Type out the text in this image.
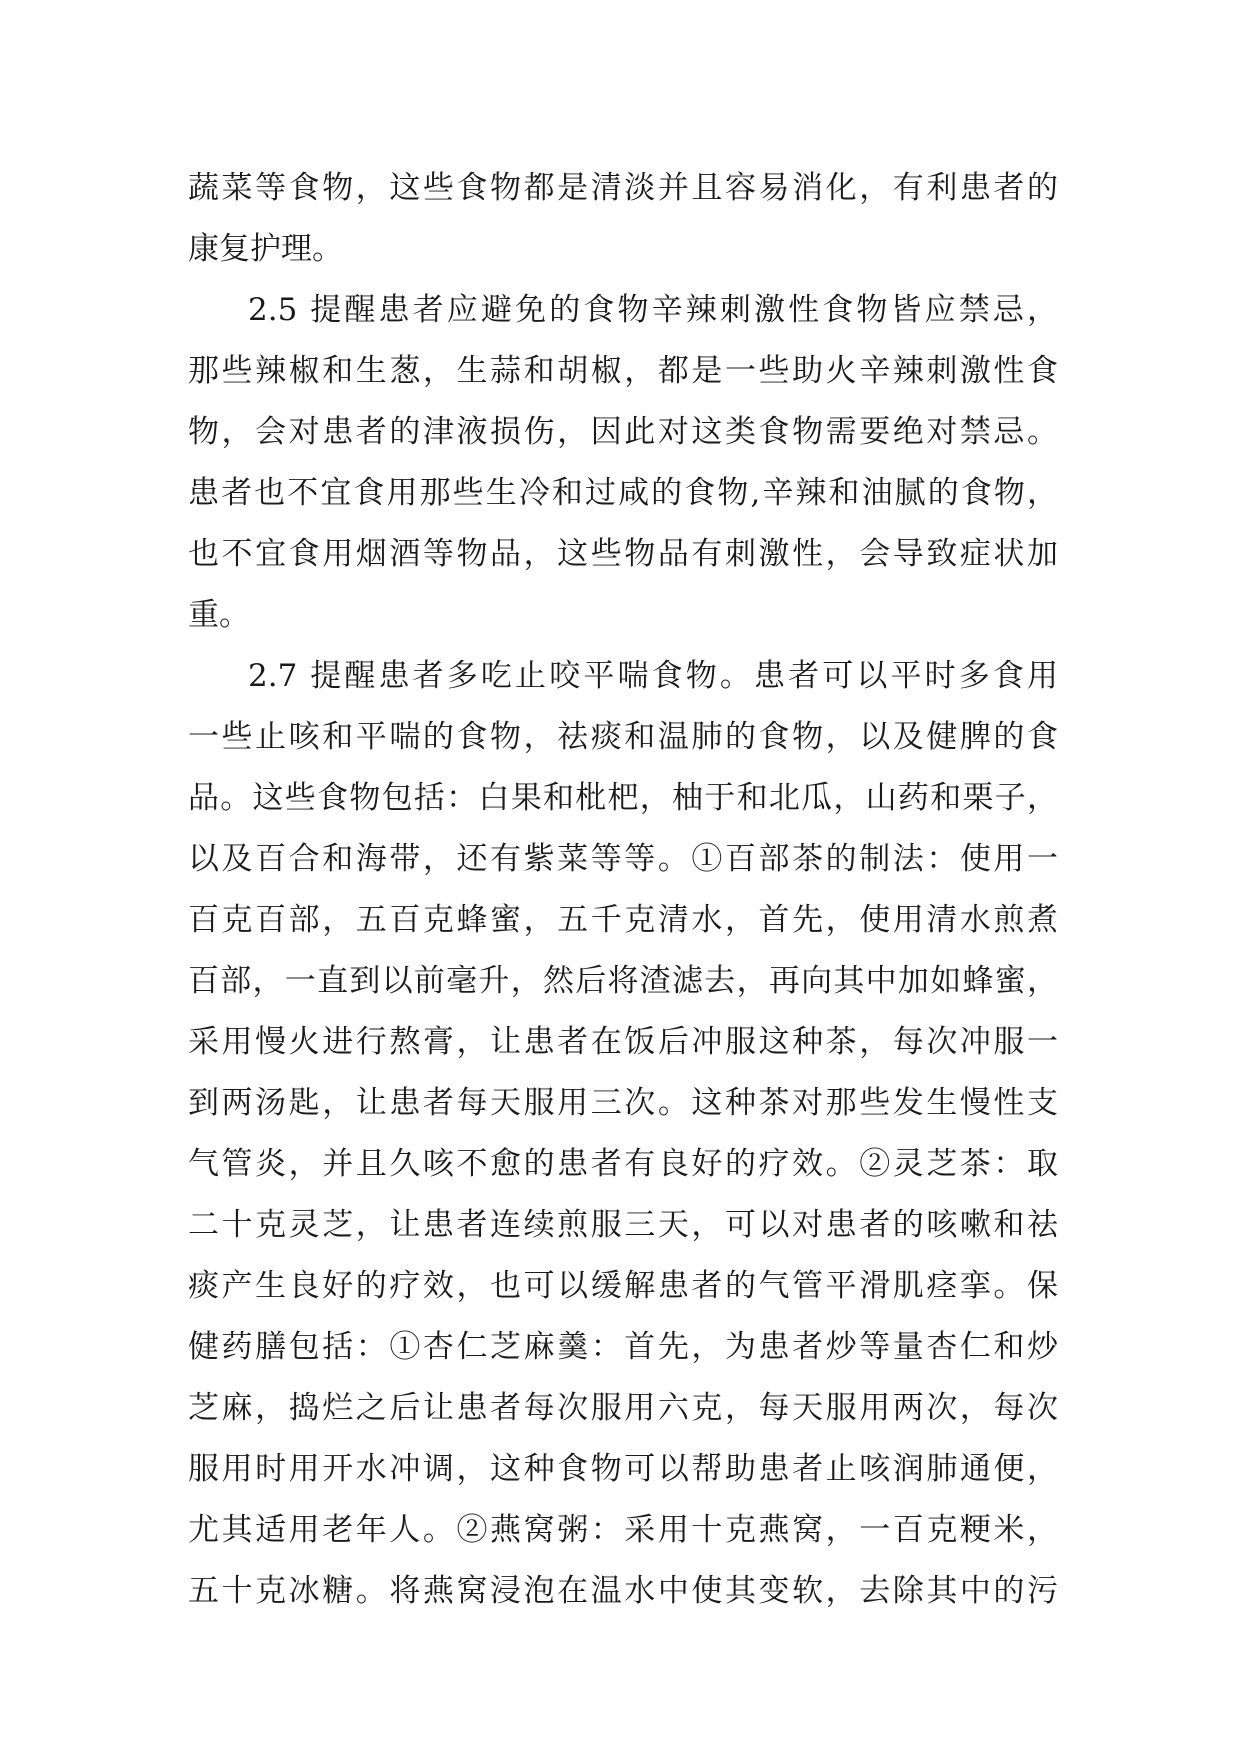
蔬菜等食物，这些食物都是清淡并且容易消化，有利患者的
康复护理。
2.5 提醒患者应避免的食物辛辣刺激性食物皆应禁忌，
那些辣椒和生葱，生蒜和胡椒，都是一些助火辛辣刺激性食
物，会对患者的津液损伤，因此对这类食物需要绝对禁忌。
患者也不宜食用那些生冷和过咸的食物,辛辣和油腻的食物，
也不宜食用烟酒等物品，这些物品有刺激性，会导致症状加
重。
2.7 提醒患者多吃止咬平喘食物。患者可以平时多食用
一些止咳和平喘的食物，祛痰和温肺的食物，以及健脾的食
品。这些食物包括：白果和枇杷，柚于和北瓜，山药和栗子，
以及百合和海带，还有紫菜等等。①百部茶的制法：使用一
百克百部，五百克蜂蜜，五千克清水，首先，使用清水煎煮
百部，一直到以前毫升，然后将渣滤去，再向其中加如蜂蜜，
采用慢火进行熬膏，让患者在饭后冲服这种茶，每次冲服一
到两汤匙，让患者每天服用三次。这种茶对那些发生慢性支
气管炎，并且久咳不愈的患者有良好的疗效。②灵芝茶：取
二十克灵芝，让患者连续煎服三天，可以对患者的咳嗽和祛
痰产生良好的疗效，也可以缓解患者的气管平滑肌痉挛。保
健药膳包括：①杏仁芝麻羹：首先，为患者炒等量杏仁和炒
芝麻，捣烂之后让患者每次服用六克，每天服用两次，每次
服用时用开水冲调，这种食物可以帮助患者止咳润肺通便，
尤其适用老年人。②燕窝粥：采用十克燕窝，一百克粳米，
五十克冰糖。将燕窝浸泡在温水中使其变软，去除其中的污
